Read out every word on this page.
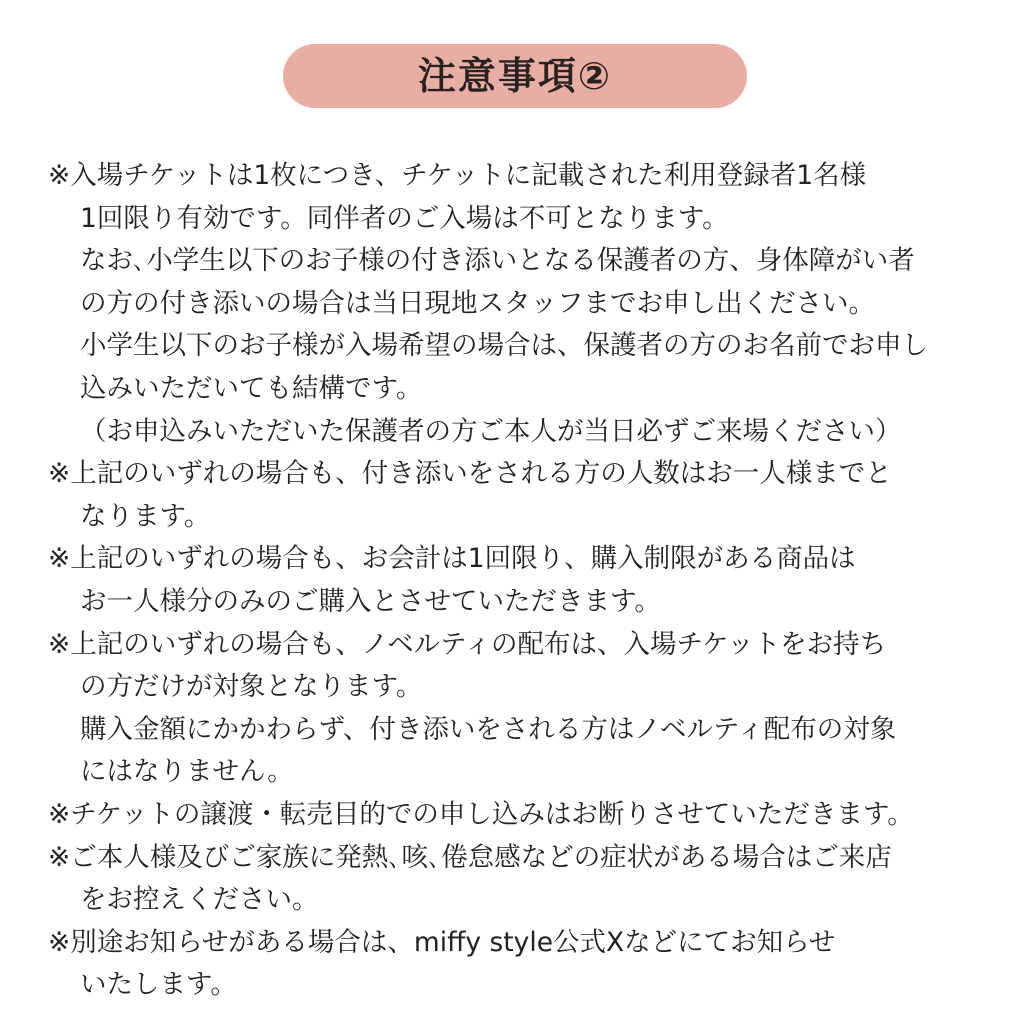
注意事項②
※入場チケットは1枚につき、チケットに記載された利用登録者1名様
1回限り有効です。同伴者のご入場は不可となります。
なお､小学生以下のお子様の付き添いとなる保護者の方、身体障がい者
の方の付き添いの場合は当日現地スタッフまでお申し出ください。
小学生以下のお子様が入場希望の場合は、保護者の方のお名前でお申し
込みいただいても結構です。
（お申込みいただいた保護者の方ご本人が当日必ずご来場ください）
※上記のいずれの場合も、付き添いをされる方の人数はお一人様までと
なります。
※上記のいずれの場合も、お会計は1回限り、購入制限がある商品は
お一人様分のみのご購入とさせていただきます。
※上記のいずれの場合も、ノベルティの配布は、入場チケットをお持ち
の方だけが対象となります。
購入金額にかかわらず、付き添いをされる方はノベルティ配布の対象
にはなりません。
※チケットの譲渡・転売目的での申し込みはお断りさせていただきます。
※ご本人様及びご家族に発熱､咳､倦怠感などの症状がある場合はご来店
をお控えください。
※別途お知らせがある場合は、miffy style公式Xなどにてお知らせ
いたします。
